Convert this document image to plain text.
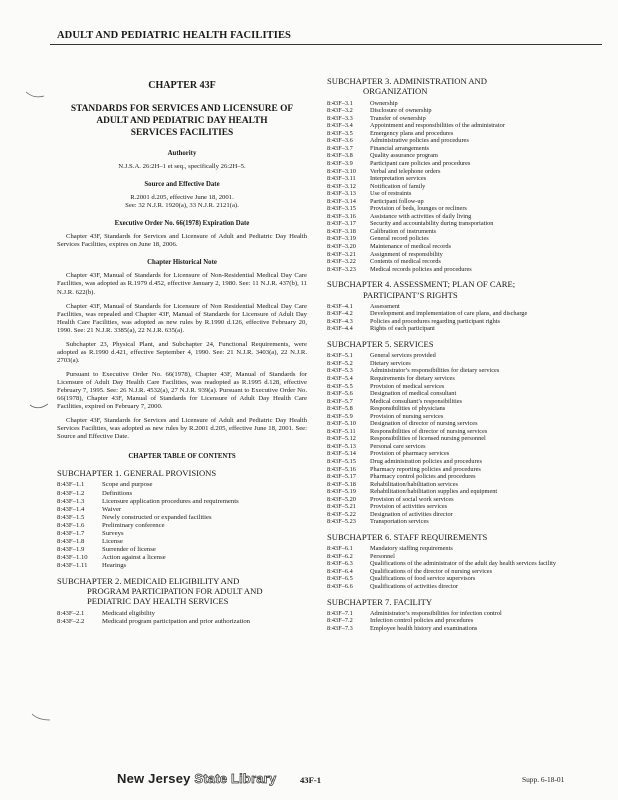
ADULT AND PEDIATRIC HEALTH FACILITIES
CHAPTER 43F
STANDARDS FOR SERVICES AND LICENSURE OF
ADULT AND PEDIATRIC DAY HEALTH
SERVICES FACILITIES
Authority
N.J.S.A. 26:2H–1 et seq., specifically 26:2H–5.
Source and Effective Date
R.2001 d.205, effective June 18, 2001.
See: 32 N.J.R. 1920(a), 33 N.J.R. 2121(a).
Executive Order No. 66(1978) Expiration Date

Chapter 43F, Standards for Services and Licensure of Adult and Pediatric Day Health Services Facilities, expires on June 18, 2006.

Chapter Historical Note

Chapter 43F, Manual of Standards for Licensure of Non-Residential Medical Day Care Facilities, was adopted as R.1979 d.452, effective January 2, 1980. See: 11 N.J.R. 437(b), 11 N.J.R. 622(b).

Chapter 43F, Manual of Standards for Licensure of Non Residential Medical Day Care Facilities, was repealed and Chapter 43F, Manual of Standards for Licensure of Adult Day Health Care Facilities, was adopted as new rules by R.1990 d.126, effective February 20, 1990. See: 21 N.J.R. 3385(a), 22 N.J.R. 635(a).

Subchapter 23, Physical Plant, and Subchapter 24, Functional Requirements, were adopted as R.1990 d.421, effective September 4, 1990. See: 21 N.J.R. 3403(a), 22 N.J.R. 2703(a).

Pursuant to Executive Order No. 66(1978), Chapter 43F, Manual of Standards for Licensure of Adult Day Health Care Facilities, was readopted as R.1995 d.128, effective February 7, 1995. See: 26 N.J.R. 4532(a), 27 N.J.R. 939(a). Pursuant to Executive Order No. 66(1978), Chapter 43F, Manual of Standards for Licensure of Adult Day Health Care Facilities, expired on February 7, 2000.

Chapter 43F, Standards for Services and Licensure of Adult and Pediatric Day Health Services Facilities, was adopted as new rules by R.2001 d.205, effective June 18, 2001. See: Source and Effective Date.

CHAPTER TABLE OF CONTENTS
SUBCHAPTER 1. GENERAL PROVISIONS
8:43F–1.1	Scope and purpose
8:43F–1.2	Definitions
8:43F–1.3	Licensure application procedures and requirements
8:43F–1.4	Waiver
8:43F–1.5	Newly constructed or expanded facilities
8:43F–1.6	Preliminary conference
8:43F–1.7	Surveys
8:43F–1.8	License
8:43F–1.9	Surrender of license
8:43F–1.10	Action against a license
8:43F–1.11	Hearings
SUBCHAPTER 2. MEDICAID ELIGIBILITY AND
PROGRAM PARTICIPATION FOR ADULT AND
PEDIATRIC DAY HEALTH SERVICES
8:43F–2.1	Medicaid eligibility
8:43F–2.2	Medicaid program participation and prior authorization
SUBCHAPTER 3. ADMINISTRATION AND
ORGANIZATION
8:43F–3.1	Ownership
8:43F–3.2	Disclosure of ownership
8:43F–3.3	Transfer of ownership
8:43F–3.4	Appointment and responsibilities of the administrator
8:43F–3.5	Emergency plans and procedures
8:43F–3.6	Administrative policies and procedures
8:43F–3.7	Financial arrangements
8:43F–3.8	Quality assurance program
8:43F–3.9	Participant care policies and procedures
8:43F–3.10	Verbal and telephone orders
8:43F–3.11	Interpretation services
8:43F–3.12	Notification of family
8:43F–3.13	Use of restraints
8:43F–3.14	Participant follow-up
8:43F–3.15	Provision of beds, lounges or recliners
8:43F–3.16	Assistance with activities of daily living
8:43F–3.17	Security and accountability during transportation
8:43F–3.18	Calibration of instruments
8:43F–3.19	General record policies
8:43F–3.20	Maintenance of medical records
8:43F–3.21	Assignment of responsibility
8:43F–3.22	Contents of medical records
8:43F–3.23	Medical records policies and procedures
SUBCHAPTER 4. ASSESSMENT; PLAN OF CARE;
PARTICIPANT’S RIGHTS
8:43F–4.1	Assessment
8:43F–4.2	Development and implementation of care plans, and discharge
8:43F–4.3	Policies and procedures regarding participant rights
8:43F–4.4	Rights of each participant
SUBCHAPTER 5. SERVICES
8:43F–5.1	General services provided
8:43F–5.2	Dietary services
8:43F–5.3	Administrator’s responsibilities for dietary services
8:43F–5.4	Requirements for dietary services
8:43F–5.5	Provision of medical services
8:43F–5.6	Designation of medical consultant
8:43F–5.7	Medical consultant’s responsibilities
8:43F–5.8	Responsibilities of physicians
8:43F–5.9	Provision of nursing services
8:43F–5.10	Designation of director of nursing services
8:43F–5.11	Responsibilities of director of nursing services
8:43F–5.12	Responsibilities of licensed nursing personnel
8:43F–5.13	Personal care services
8:43F–5.14	Provision of pharmacy services
8:43F–5.15	Drug administration policies and procedures
8:43F–5.16	Pharmacy reporting policies and procedures
8:43F–5.17	Pharmacy control policies and procedures
8:43F–5.18	Rehabilitation/habilitation services
8:43F–5.19	Rehabilitation/habilitation supplies and equipment
8:43F–5.20	Provision of social work services
8:43F–5.21	Provision of activities services
8:43F–5.22	Designation of activities director
8:43F–5.23	Transportation services
SUBCHAPTER 6. STAFF REQUIREMENTS
8:43F–6.1	Mandatory staffing requirements
8:43F–6.2	Personnel
8:43F–6.3	Qualifications of the administrator of the adult day health services facility
8:43F–6.4	Qualifications of the director of nursing services
8:43F–6.5	Qualifications of food service supervisors
8:43F–6.6	Qualifications of activities director
SUBCHAPTER 7. FACILITY
8:43F–7.1	Administrator’s responsibilities for infection control
8:43F–7.2	Infection control policies and procedures
8:43F–7.3	Employee health history and examinations
New Jersey State Library	43F-1	Supp. 6-18-01
